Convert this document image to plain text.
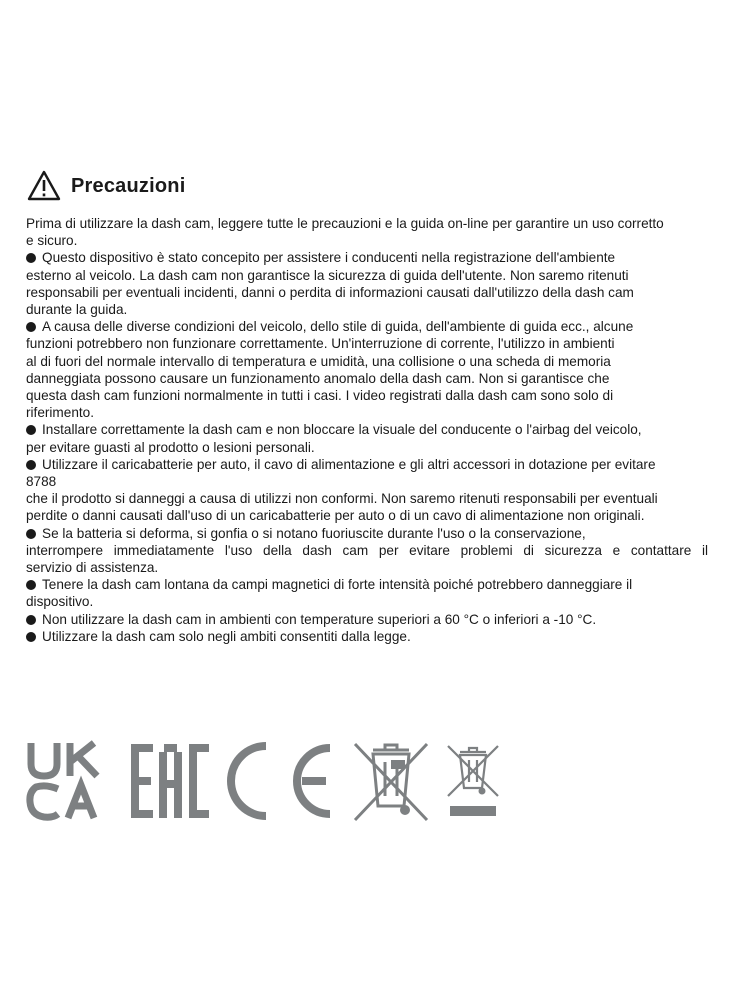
Precauzioni
Prima di utilizzare la dash cam, leggere tutte le precauzioni e la guida on-line per garantire un uso corretto
e sicuro.
Questo dispositivo è stato concepito per assistere i conducenti nella registrazione dell'ambiente
esterno al veicolo. La dash cam non garantisce la sicurezza di guida dell'utente. Non saremo ritenuti
responsabili per eventuali incidenti, danni o perdita di informazioni causati dall'utilizzo della dash cam
durante la guida.
A causa delle diverse condizioni del veicolo, dello stile di guida, dell'ambiente di guida ecc., alcune
funzioni potrebbero non funzionare correttamente. Un'interruzione di corrente, l'utilizzo in ambienti
al di fuori del normale intervallo di temperatura e umidità, una collisione o una scheda di memoria
danneggiata possono causare un funzionamento anomalo della dash cam. Non si garantisce che
questa dash cam funzioni normalmente in tutti i casi. I video registrati dalla dash cam sono solo di
riferimento.
Installare correttamente la dash cam e non bloccare la visuale del conducente o l'airbag del veicolo,
per evitare guasti al prodotto o lesioni personali.
Utilizzare il caricabatterie per auto, il cavo di alimentazione e gli altri accessori in dotazione per evitare
8788
che il prodotto si danneggi a causa di utilizzi non conformi. Non saremo ritenuti responsabili per eventuali
perdite o danni causati dall'uso di un caricabatterie per auto o di un cavo di alimentazione non originali.
Se la batteria si deforma, si gonfia o si notano fuoriuscite durante l'uso o la conservazione,
interrompere immediatamente l'uso della dash cam per evitare problemi di sicurezza e contattare il
servizio di assistenza.
Tenere la dash cam lontana da campi magnetici di forte intensità poiché potrebbero danneggiare il
dispositivo.
Non utilizzare la dash cam in ambienti con temperature superiori a 60 °C o inferiori a -10 °C.
Utilizzare la dash cam solo negli ambiti consentiti dalla legge.
UKCA	EAC	CE
